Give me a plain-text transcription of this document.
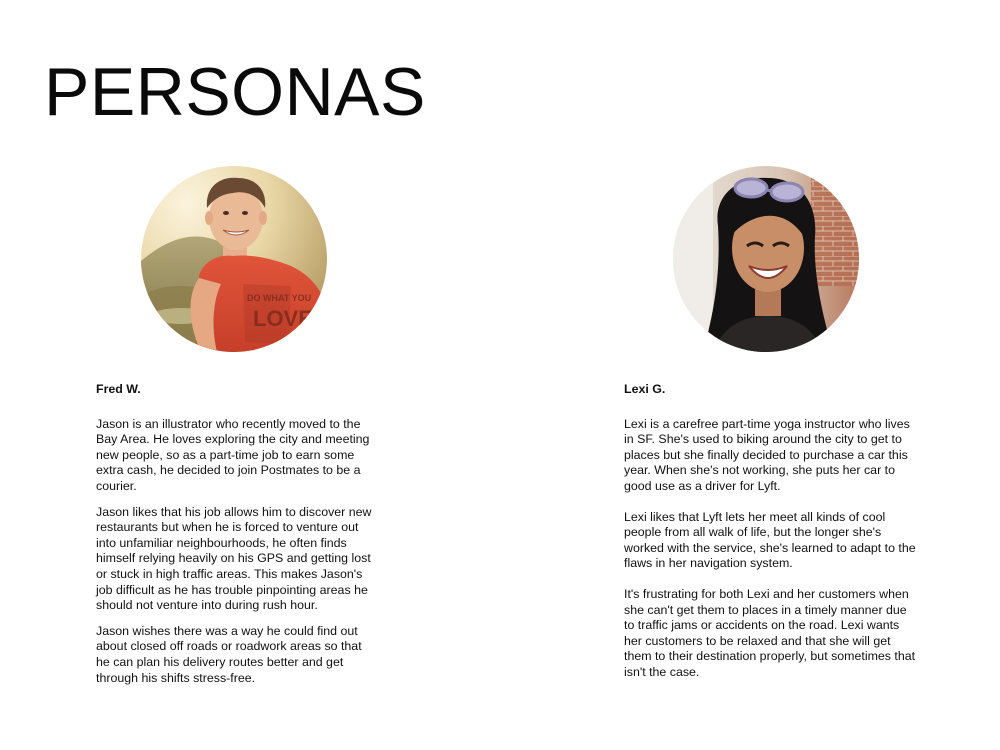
PERSONAS
DO WHAT YOU
LOVE

Fred W.

Jason is an illustrator who recently moved to the Bay Area. He loves exploring the city and meeting new people, so as a part-time job to earn some extra cash, he decided to join Postmates to be a courier.

Jason likes that his job allows him to discover new restaurants but when he is forced to venture out into unfamiliar neighbourhoods, he often finds himself relying heavily on his GPS and getting lost or stuck in high traffic areas. This makes Jason's job difficult as he has trouble pinpointing areas he should not venture into during rush hour.

Jason wishes there was a way he could find out about closed off roads or roadwork areas so that he can plan his delivery routes better and get through his shifts stress-free.

Lexi G.

Lexi is a carefree part-time yoga instructor who lives in SF. She's used to biking around the city to get to places but she finally decided to purchase a car this year. When she's not working, she puts her car to good use as a driver for Lyft.

Lexi likes that Lyft lets her meet all kinds of cool people from all walk of life, but the longer she's worked with the service, she's learned to adapt to the flaws in her navigation system.

It's frustrating for both Lexi and her customers when she can't get them to places in a timely manner due to traffic jams or accidents on the road. Lexi wants her customers to be relaxed and that she will get them to their destination properly, but sometimes that isn't the case.
